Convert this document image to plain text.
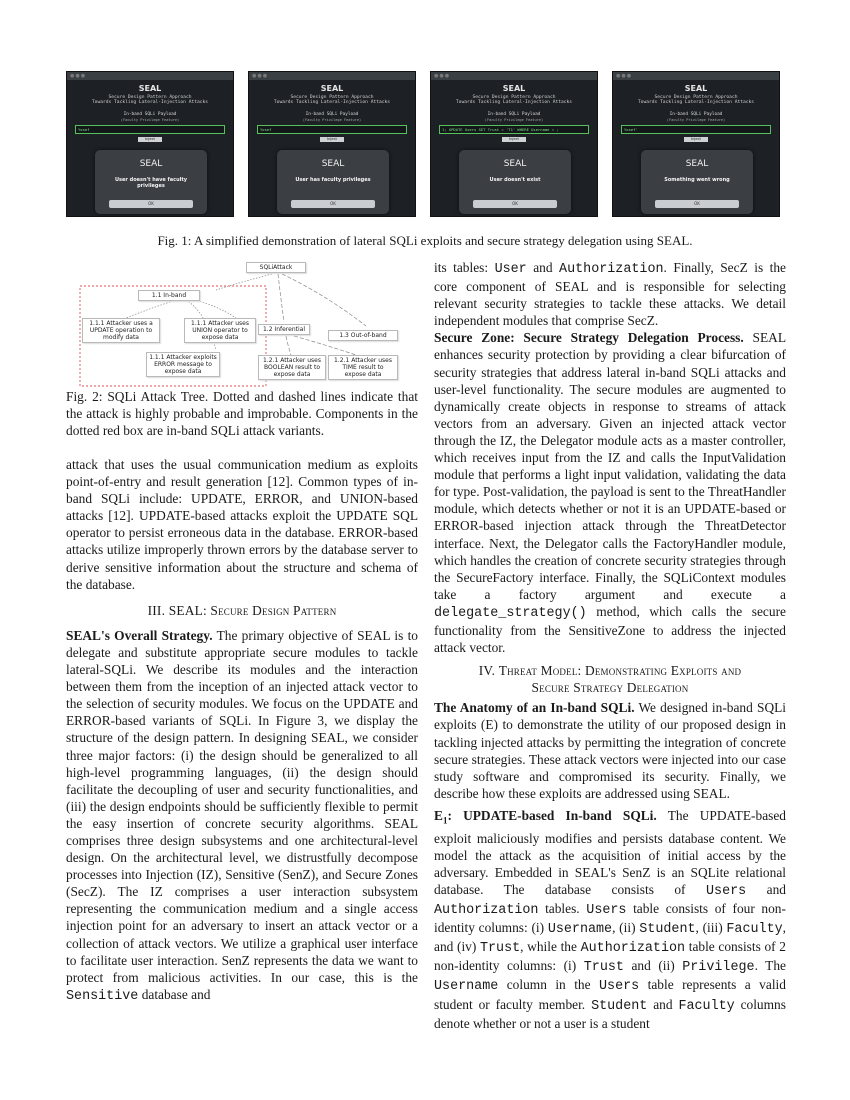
●●●
SEAL
Secure Design Pattern Approach
Towards Tackling Lateral-Injection Attacks
In-band SQLi Payload
(Faculty Privilege Feature)
Yosef
Inject
SEAL
User doesn't have faculty privileges
OK
●●●
SEAL
Secure Design Pattern Approach
Towards Tackling Lateral-Injection Attacks
In-band SQLi Payload
(Faculty Privilege Feature)
Yosef
Inject
SEAL
User has faculty privileges
OK
●●●
SEAL
Secure Design Pattern Approach
Towards Tackling Lateral-Injection Attacks
In-band SQLi Payload
(Faculty Privilege Feature)
1; UPDATE Users SET Trust = 'T1' WHERE Username = ;
Inject
SEAL
User doesn't exist
OK
●●●
SEAL
Secure Design Pattern Approach
Towards Tackling Lateral-Injection Attacks
In-band SQLi Payload
(Faculty Privilege Feature)
Yosef'
Inject
SEAL
Something went wrong
OK
Fig. 1: A simplified demonstration of lateral SQLi exploits and secure strategy delegation using SEAL.
SQLiAttack
1.1 In-band
1.1.1 Attacker uses a UPDATE operation to modify data
1.1.1 Attacker uses UNION operator to expose data
1.1.1 Attacker exploits ERROR message to expose data
1.2 Inferential
1.3 Out-of-band
1.2.1 Attacker uses BOOLEAN result to expose data
1.2.1 Attacker uses TIME result to expose data
Fig. 2: SQLi Attack Tree. Dotted and dashed lines indicate that the attack is highly probable and improbable. Components in the dotted red box are in-band SQLi attack variants.

attack that uses the usual communication medium as exploits point-of-entry and result generation [12]. Common types of in-band SQLi include: UPDATE, ERROR, and UNION-based attacks [12]. UPDATE-based attacks exploit the UPDATE SQL operator to persist erroneous data in the database. ERROR-based attacks utilize improperly thrown errors by the database server to derive sensitive information about the structure and schema of the database.

III. SEAL: Secure Design Pattern

SEAL's Overall Strategy. The primary objective of SEAL is to delegate and substitute appropriate secure modules to tackle lateral-SQLi. We describe its modules and the interaction between them from the inception of an injected attack vector to the selection of security modules. We focus on the UPDATE and ERROR-based variants of SQLi. In Figure 3, we display the structure of the design pattern. In designing SEAL, we consider three major factors: (i) the design should be generalized to all high-level programming languages, (ii) the design should facilitate the decoupling of user and security functionalities, and (iii) the design endpoints should be sufficiently flexible to permit the easy insertion of concrete security algorithms. SEAL comprises three design subsystems and one architectural-level design. On the architectural level, we distrustfully decompose processes into Injection (IZ), Sensitive (SenZ), and Secure Zones (SecZ). The IZ comprises a user interaction subsystem representing the communication medium and a single access injection point for an adversary to insert an attack vector or a collection of attack vectors. We utilize a graphical user interface to facilitate user interaction. SenZ represents the data we want to protect from malicious activities. In our case, this is the Sensitive database and

its tables: User and Authorization. Finally, SecZ is the core component of SEAL and is responsible for selecting relevant security strategies to tackle these attacks. We detail independent modules that comprise SecZ.

Secure Zone: Secure Strategy Delegation Process. SEAL enhances security protection by providing a clear bifurcation of security strategies that address lateral in-band SQLi attacks and user-level functionality. The secure modules are augmented to dynamically create objects in response to streams of attack vectors from an adversary. Given an injected attack vector through the IZ, the Delegator module acts as a master controller, which receives input from the IZ and calls the InputValidation module that performs a light input validation, validating the data for type. Post-validation, the payload is sent to the ThreatHandler module, which detects whether or not it is an UPDATE-based or ERROR-based injection attack through the ThreatDetector interface. Next, the Delegator calls the FactoryHandler module, which handles the creation of concrete security strategies through the SecureFactory interface. Finally, the SQLiContext modules take a factory argument and execute a delegate_strategy() method, which calls the secure functionality from the SensitiveZone to address the injected attack vector.

IV. Threat Model: Demonstrating Exploits and

Secure Strategy Delegation

The Anatomy of an In-band SQLi. We designed in-band SQLi exploits (E) to demonstrate the utility of our proposed design in tackling injected attacks by permitting the integration of concrete secure strategies. These attack vectors were injected into our case study software and compromised its security. Finally, we describe how these exploits are addressed using SEAL.

$E_1$: UPDATE-based In-band SQLi. The UPDATE-based exploit maliciously modifies and persists database content. We model the attack as the acquisition of initial access by the adversary. Embedded in SEAL's SenZ is an SQLite relational database. The database consists of Users and Authorization tables. Users table consists of four non-identity columns: (i) Username, (ii) Student, (iii) Faculty, and (iv) Trust, while the Authorization table consists of 2 non-identity columns: (i) Trust and (ii) Privilege. The Username column in the Users table represents a valid student or faculty member. Student and Faculty columns denote whether or not a user is a student
